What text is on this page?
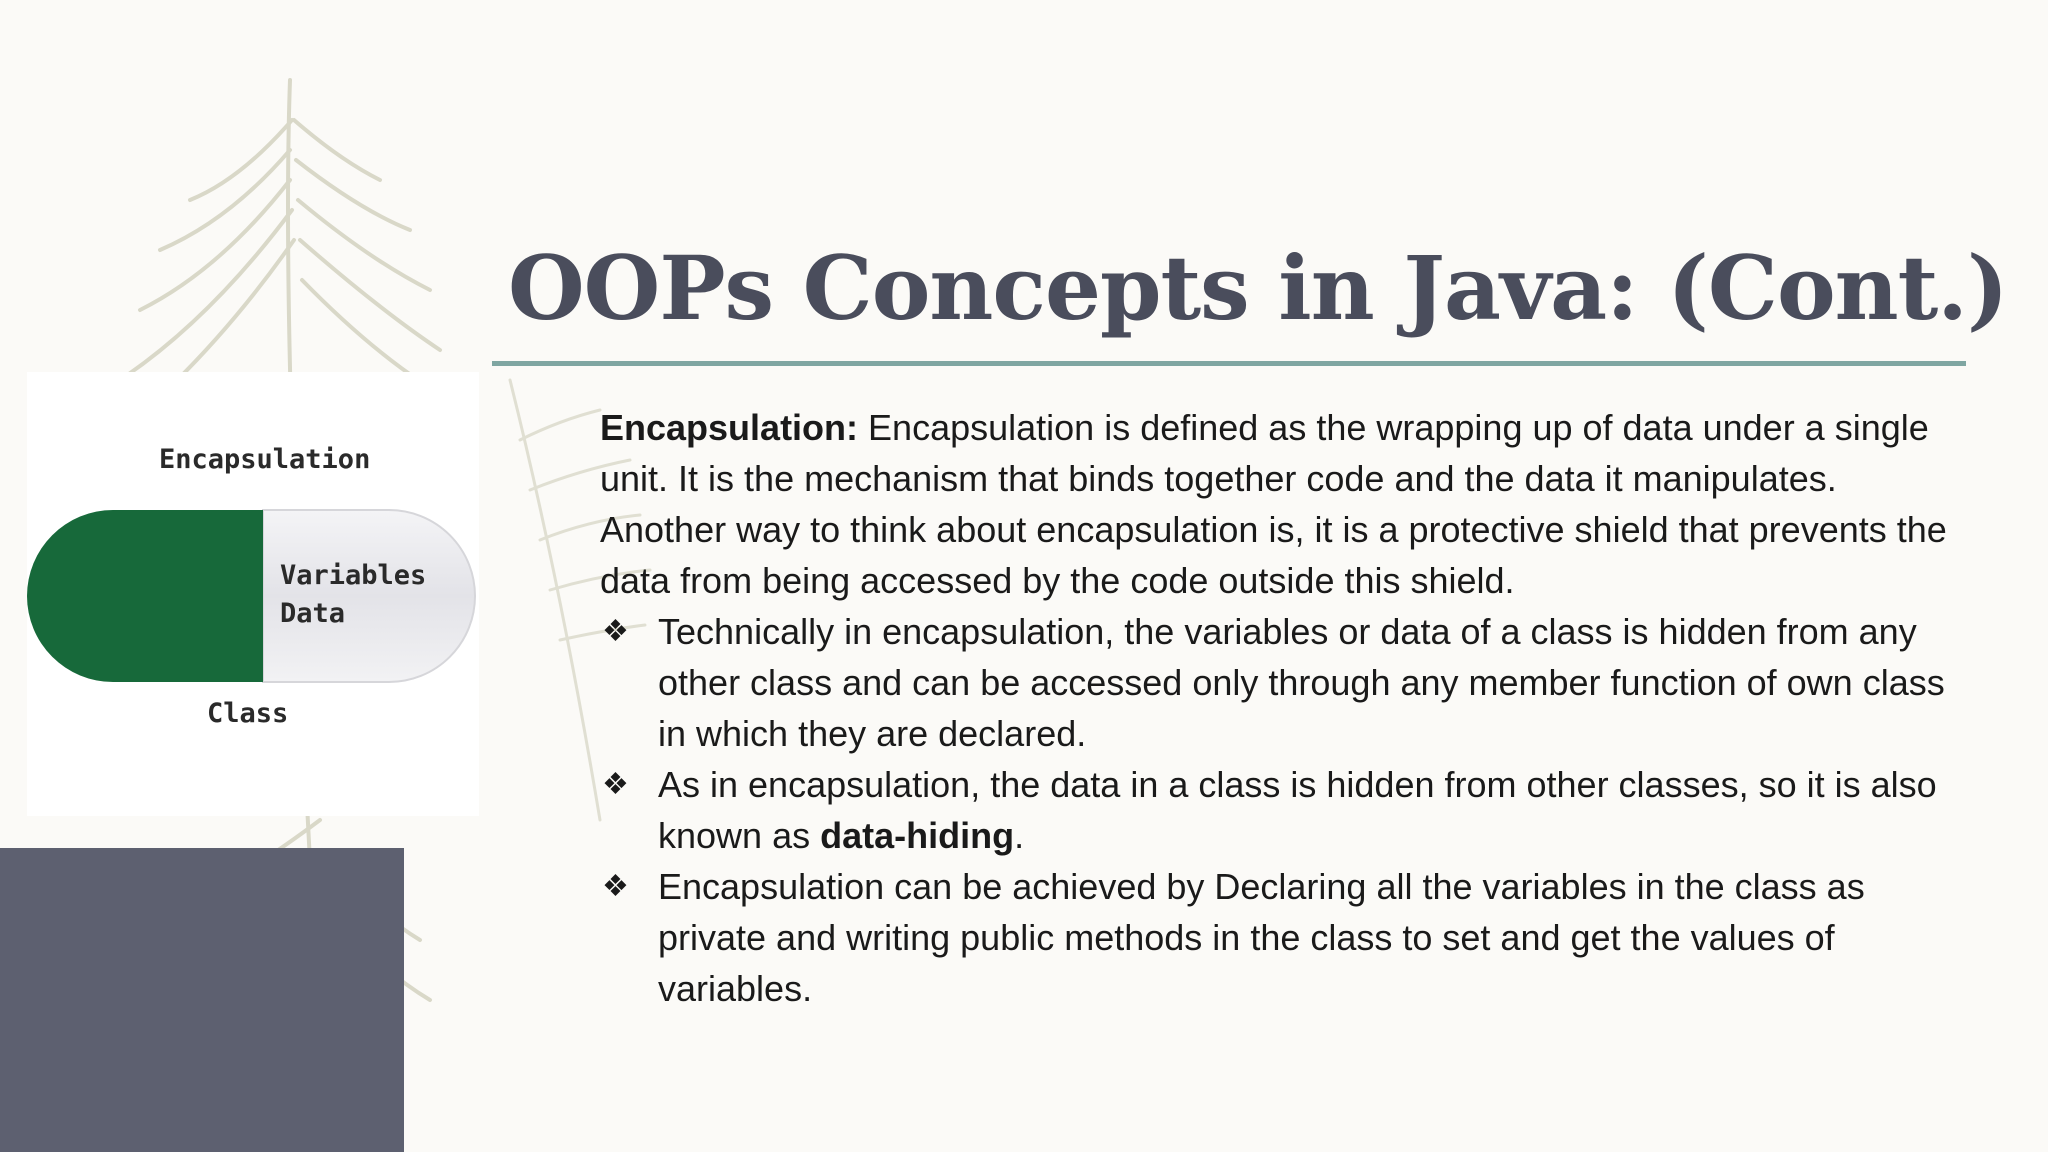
OOPs Concepts in Java: (Cont.)
Encapsulation
Variables
Data
Class

Encapsulation: Encapsulation is defined as the wrapping up of data under a single unit. It is the mechanism that binds together code and the data it manipulates. Another way to think about encapsulation is, it is a protective shield that prevents the data from being accessed by the code outside this shield.

❖ Technically in encapsulation, the variables or data of a class is hidden from any other class and can be accessed only through any member function of own class in which they are declared.
❖ As in encapsulation, the data in a class is hidden from other classes, so it is also known as data-hiding.
❖ Encapsulation can be achieved by Declaring all the variables in the class as private and writing public methods in the class to set and get the values of variables.
